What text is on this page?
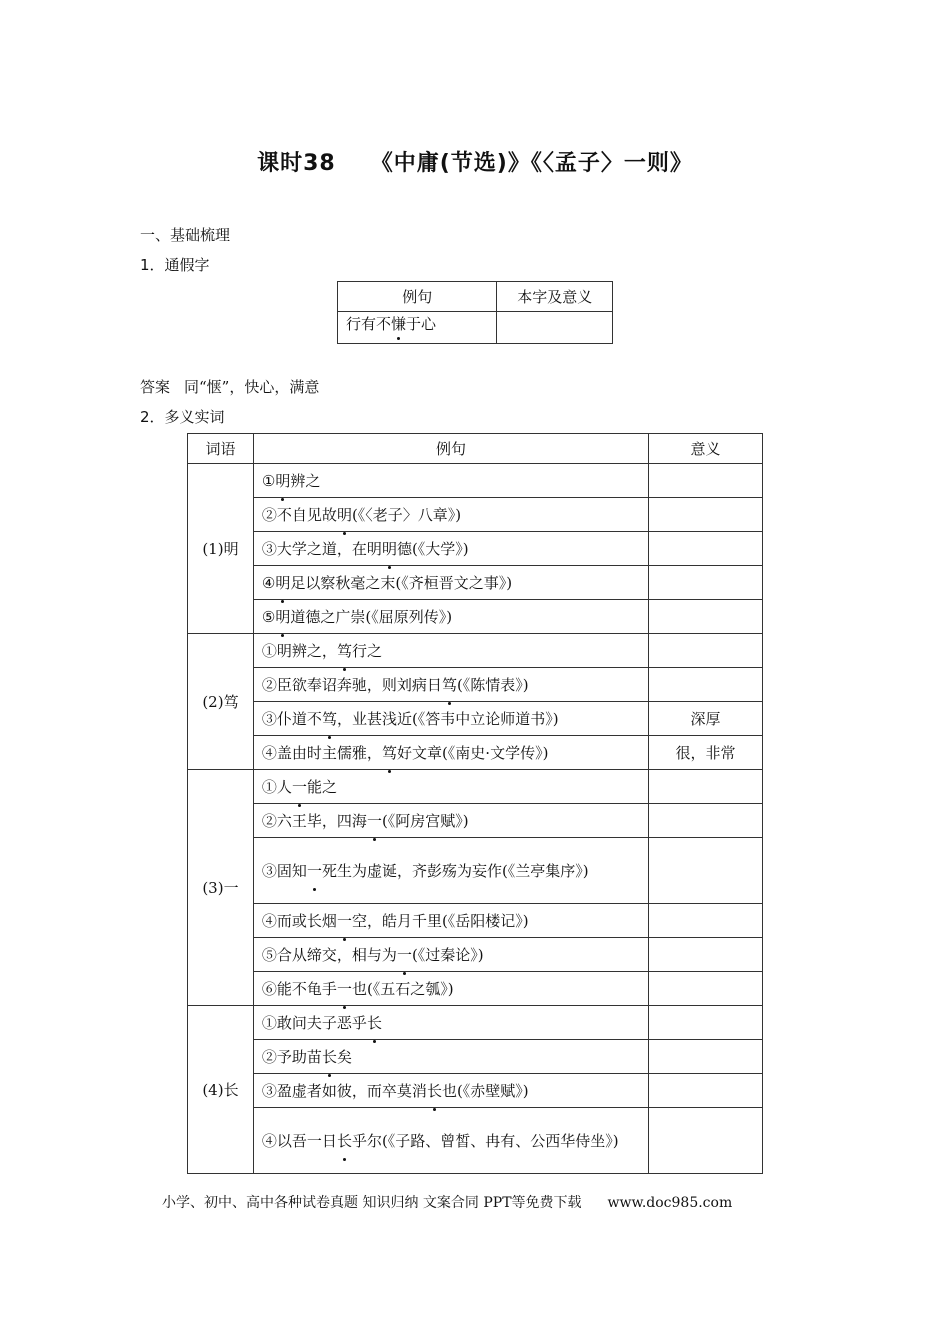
课时38　　《中庸(节选)》《〈孟子〉一则》
一、基础梳理
1．通假字
例句	本字及意义
行有不慊于心	
答案 同“惬”，快心，满意
2．多义实词
词语	例句	意义
(1)明	①明辨之	
	②不自见故明(《〈老子〉八章》)	
	③大学之道，在明明德(《大学》)	
	④明足以察秋毫之末(《齐桓晋文之事》)	
	⑤明道德之广崇(《屈原列传》)	
(2)笃	①明辨之，笃行之	
	②臣欲奉诏奔驰，则刘病日笃(《陈情表》)	
	③仆道不笃，业甚浅近(《答韦中立论师道书》)	深厚
	④盖由时主儒雅，笃好文章(《南史·文学传》)	很，非常
(3)一	①人一能之	
	②六王毕，四海一(《阿房宫赋》)	
	③固知一死生为虚诞，齐彭殇为妄作(《兰亭集序》)	
	④而或长烟一空，皓月千里(《岳阳楼记》)	
	⑤合从缔交，相与为一(《过秦论》)	
	⑥能不龟手一也(《五石之瓠》)	
(4)长	①敢问夫子恶乎长	
	②予助苗长矣	
	③盈虚者如彼，而卒莫消长也(《赤壁赋》)	
	④以吾一日长乎尔(《子路、曾皙、冉有、公西华侍坐》)	
小学、初中、高中各种试卷真题 知识归纳 文案合同 PPT等免费下载 www.doc985.com
